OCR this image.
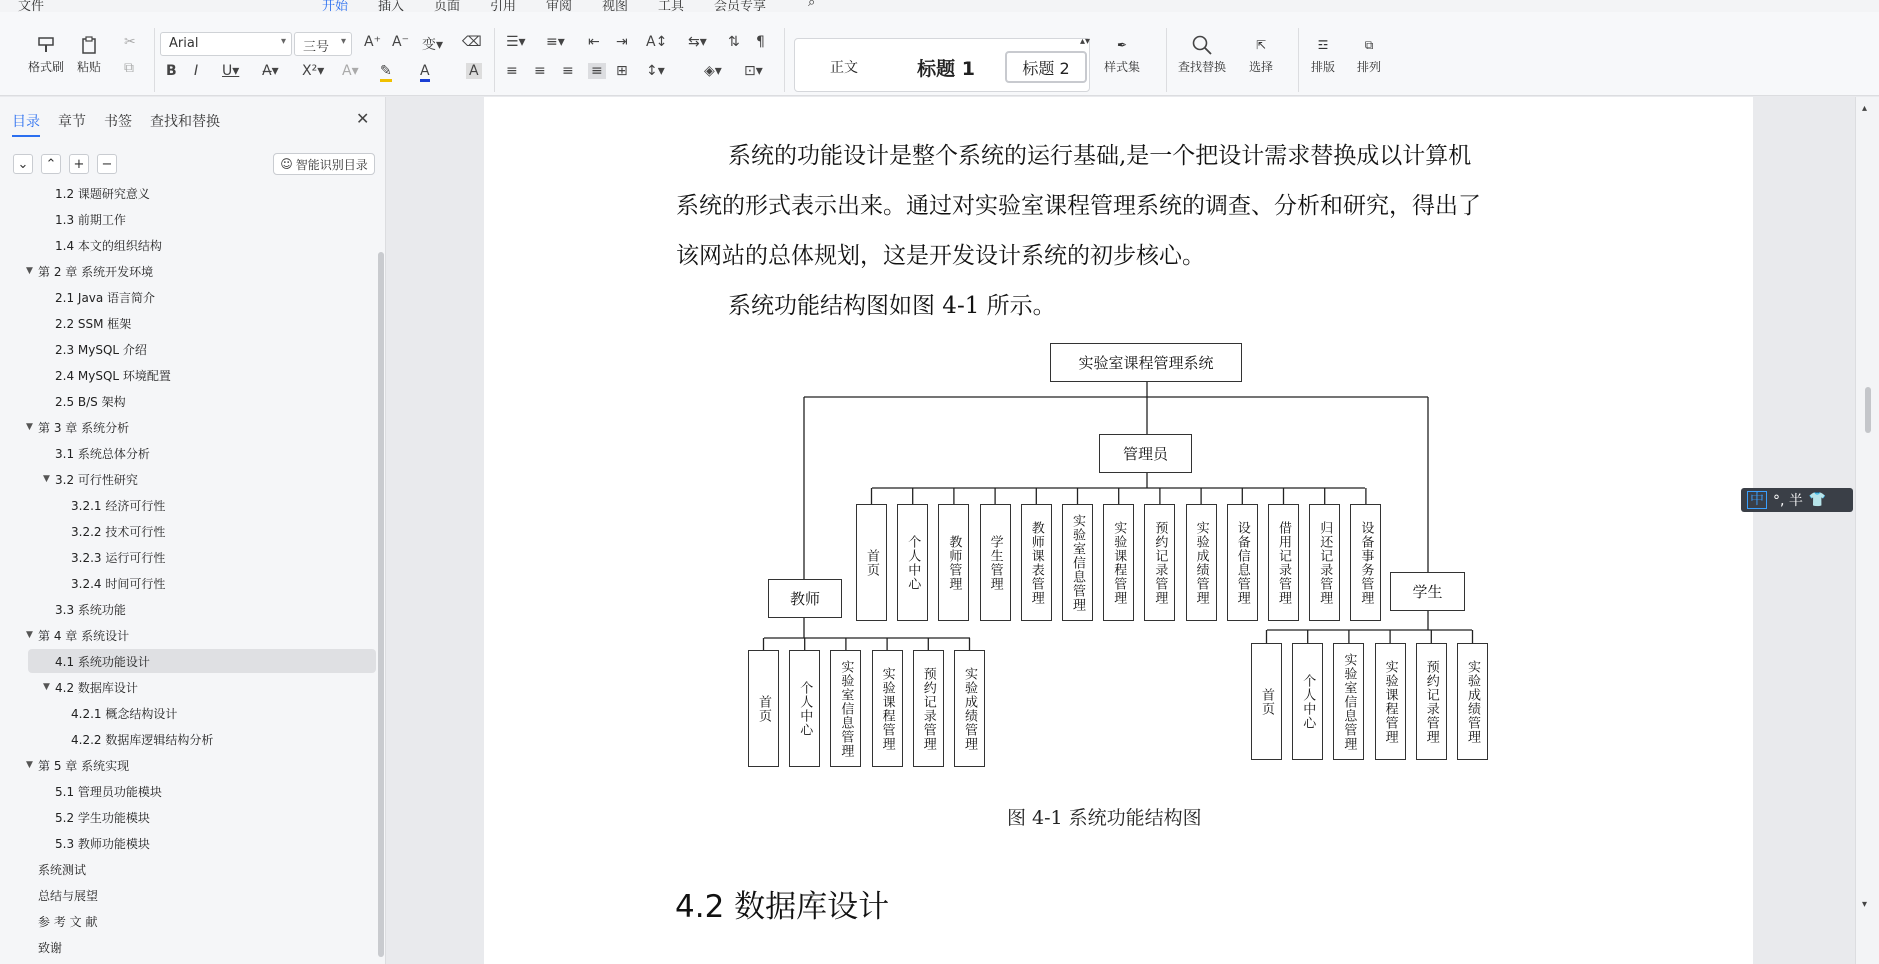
文件	开始 插入 页面 引用 审阅 视图 工具 会员专享	⌕
格式刷 粘贴
✂
⧉
Arial	▾	三号 ▾ A⁺ A⁻ 变▾ ⌫
B I U▾ A̶▾ X²▾ A▾ ✎ A	A
☰▾ ≡▾ ⇤ ⇥ A↕ ⇆▾ ⇅ ¶
≡ ≡ ≡ ≡ ⊞ ↕▾	◈▾ ⊡▾	正文	标题 1	标题 2
▴▾	✒
样式集	查找替换
⇱
选择
☲
排版
⧉
排列
目录 章节 书签 查找和替换	✕
⌄ ⌃ + −	☺ 智能识别目录
1.2 课题研究意义
1.3 前期工作
1.4 本文的组织结构
▼ 第 2 章 系统开发环境
2.1 Java 语言简介
2.2 SSM 框架
2.3 MySQL 介绍
2.4 MySQL 环境配置
2.5 B/S 架构
▼ 第 3 章 系统分析
3.1 系统总体分析
▼ 3.2 可行性研究
3.2.1 经济可行性
3.2.2 技术可行性
3.2.3 运行可行性
3.2.4 时间可行性
3.3 系统功能
▼ 第 4 章 系统设计
4.1 系统功能设计
▼ 4.2 数据库设计
4.2.1 概念结构设计
4.2.2 数据库逻辑结构分析
▼ 第 5 章 系统实现
5.1 管理员功能模块
5.2 学生功能模块
5.3 教师功能模块
系统测试
总结与展望
参 考 文 献
致谢
系统的功能设计是整个系统的运行基础,是一个把设计需求替换成以计算机
系统的形式表示出来。通过对实验室课程管理系统的调查、分析和研究，得出了
该网站的总体规划，这是开发设计系统的初步核心。
系统功能结构图如图 4-1 所示。
实验室课程管理系统
管理员
教师	学生
首页	个人中心	教师管理	学生管理	教师课表管理	实验室信息管理	实验课程管理	预约记录管理	实验成绩管理	设备信息管理	借用记录管理	归还记录管理	设备事务管理
首页	个人中心	实验室信息管理	实验课程管理	预约记录管理	实验成绩管理	首页	个人中心	实验室信息管理	实验课程管理	预约记录管理	实验成绩管理
图 4-1 系统功能结构图
4.2 数据库设计
中 °, 半 👕
▴
▾
